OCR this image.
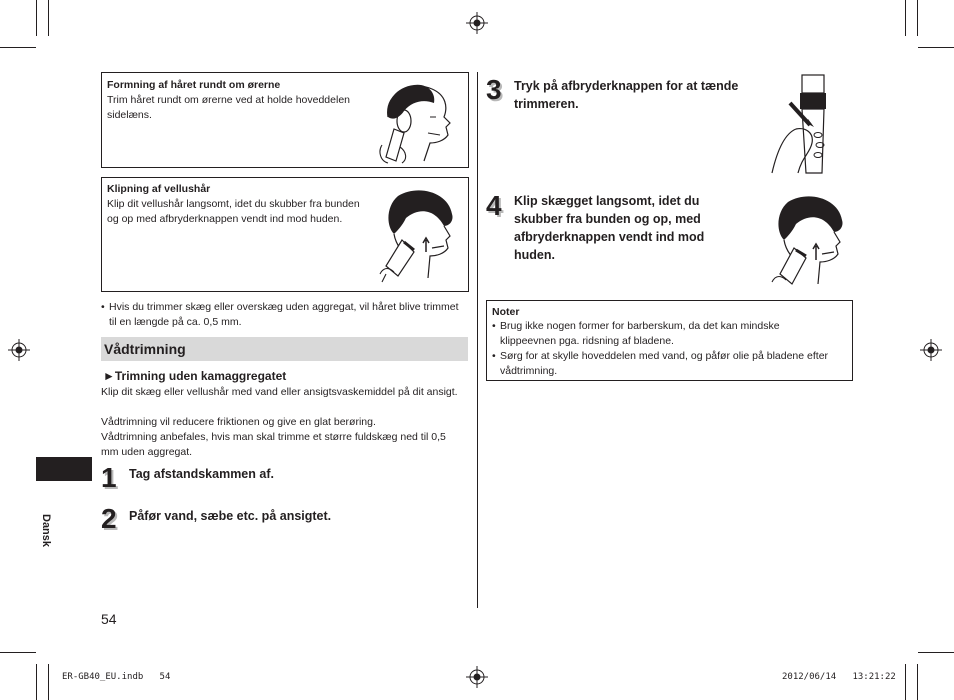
Formning af håret rundt om ørerne
Trim håret rundt om ørerne ved at holde hoveddelen sidelæns.
Klipning af vellushår
Klip dit vellushår langsomt, idet du skubber fra bunden og op med afbryderknappen vendt ind mod huden.
• Hvis du trimmer skæg eller overskæg uden aggregat, vil håret blive trimmet til en længde på ca. 0,5 mm.
Vådtrimning
►Trimning uden kamaggregatet
Klip dit skæg eller vellushår med vand eller ansigtsvaskemiddel på dit ansigt.
Vådtrimning vil reducere friktionen og give en glat berøring.
Vådtrimning anbefales, hvis man skal trimme et større fuldskæg ned til 0,5 mm uden aggregat.
1 Tag afstandskammen af.
2 Påfør vand, sæbe etc. på ansigtet.
Dansk
54
3 Tryk på afbryderknappen for at tænde trimmeren.
4 Klip skægget langsomt, idet du skubber fra bunden og op, med afbryderknappen vendt ind mod huden.
Noter
• Brug ikke nogen former for barberskum, da det kan mindske klippeevnen pga. ridsning af bladene.
• Sørg for at skylle hoveddelen med vand, og påfør olie på bladene efter vådtrimning.
ER-GB40_EU.indb   54	2012/06/14   13:21:22
